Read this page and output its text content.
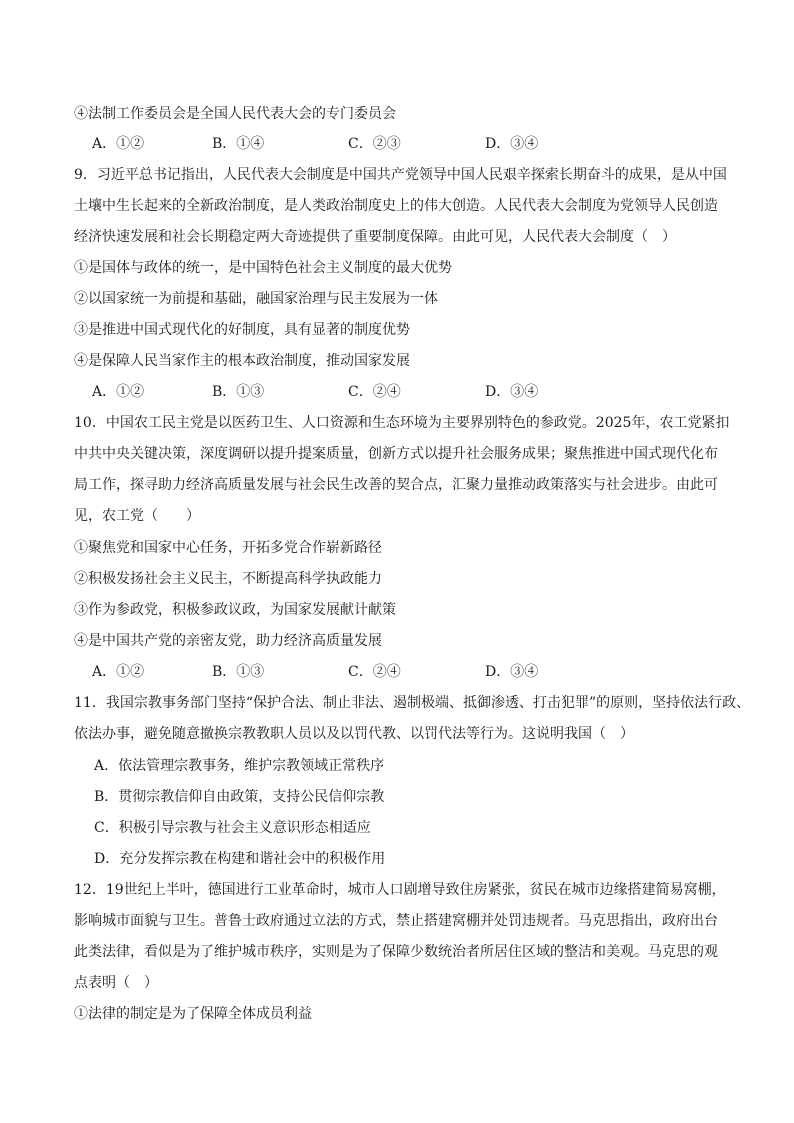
④法制工作委员会是全国人民代表大会的专门委员会
A．①②	B．①④	C．②③	D．③④
9．习近平总书记指出，人民代表大会制度是中国共产党领导中国人民艰辛探索长期奋斗的成果，是从中国
土壤中生长起来的全新政治制度，是人类政治制度史上的伟大创造。人民代表大会制度为党领导人民创造
经济快速发展和社会长期稳定两大奇迹提供了重要制度保障。由此可见，人民代表大会制度（　）
①是国体与政体的统一，是中国特色社会主义制度的最大优势
②以国家统一为前提和基础，融国家治理与民主发展为一体
③是推进中国式现代化的好制度，具有显著的制度优势
④是保障人民当家作主的根本政治制度，推动国家发展
A．①②	B．①③	C．②④	D．③④
10．中国农工民主党是以医药卫生、人口资源和生态环境为主要界别特色的参政党。2025年，农工党紧扣
中共中央关键决策，深度调研以提升提案质量，创新方式以提升社会服务成果；聚焦推进中国式现代化布
局工作，探寻助力经济高质量发展与社会民生改善的契合点，汇聚力量推动政策落实与社会进步。由此可
见，农工党（　　）
①聚焦党和国家中心任务，开拓多党合作崭新路径
②积极发扬社会主义民主，不断提高科学执政能力
③作为参政党，积极参政议政，为国家发展献计献策
④是中国共产党的亲密友党，助力经济高质量发展
A．①②	B．①③	C．②④	D．③④
11．我国宗教事务部门坚持“保护合法、制止非法、遏制极端、抵御渗透、打击犯罪”的原则，坚持依法行政、
依法办事，避免随意撤换宗教教职人员以及以罚代教、以罚代法等行为。这说明我国（　）
A．依法管理宗教事务，维护宗教领域正常秩序
B．贯彻宗教信仰自由政策，支持公民信仰宗教
C．积极引导宗教与社会主义意识形态相适应
D．充分发挥宗教在构建和谐社会中的积极作用
12．19世纪上半叶，德国进行工业革命时，城市人口剧增导致住房紧张，贫民在城市边缘搭建简易窝棚，
影响城市面貌与卫生。普鲁士政府通过立法的方式，禁止搭建窝棚并处罚违规者。马克思指出，政府出台
此类法律，看似是为了维护城市秩序，实则是为了保障少数统治者所居住区域的整洁和美观。马克思的观
点表明（　）
①法律的制定是为了保障全体成员利益
